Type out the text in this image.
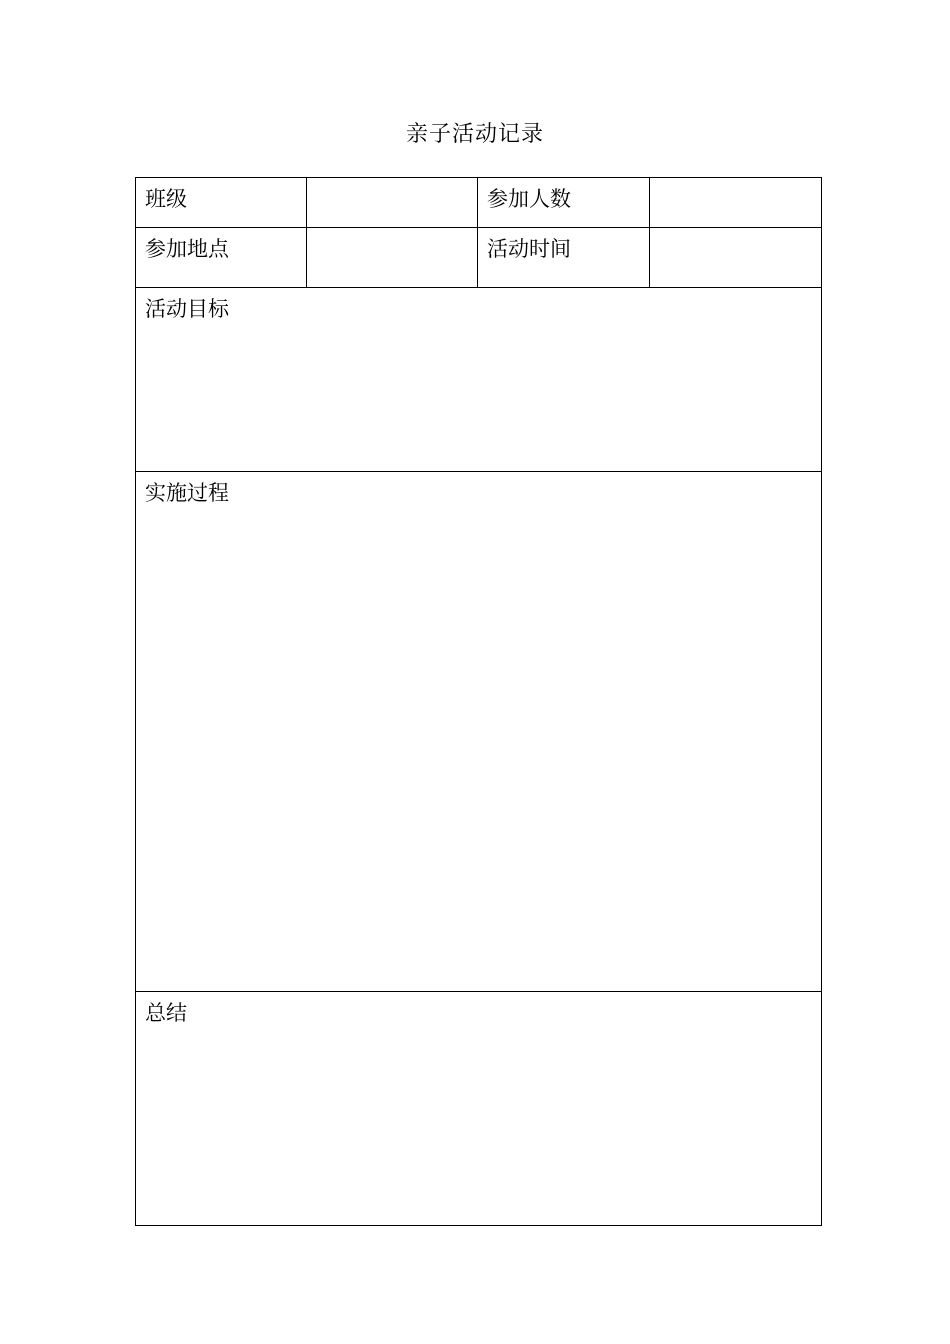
亲子活动记录
班级		参加人数	
参加地点		活动时间	

活动目标			

实施过程			

总结			
